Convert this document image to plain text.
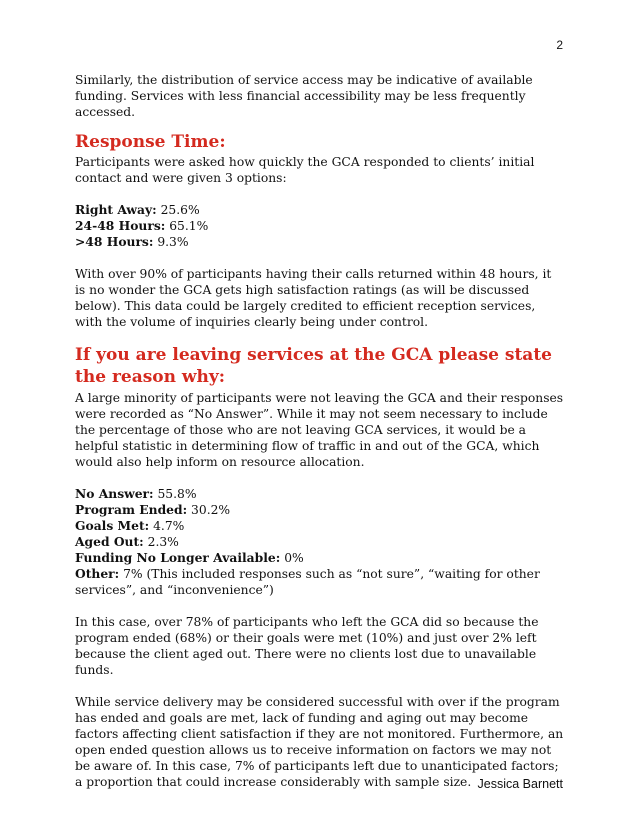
2

Similarly, the distribution of service access may be indicative of available funding. Services with less financial accessibility may be less frequently accessed.

Response Time:

Participants were asked how quickly the GCA responded to clients’ initial contact and were given 3 options:

Right Away: 25.6%

24-48 Hours: 65.1%

>48 Hours: 9.3%

With over 90% of participants having their calls returned within 48 hours, it is no wonder the GCA gets high satisfaction ratings (as will be discussed below). This data could be largely credited to efficient reception services, with the volume of inquiries clearly being under control.

If you are leaving services at the GCA please state the reason why:

A large minority of participants were not leaving the GCA and their responses were recorded as “No Answer”. While it may not seem necessary to include the percentage of those who are not leaving GCA services, it would be a helpful statistic in determining flow of traffic in and out of the GCA, which would also help inform on resource allocation.

No Answer: 55.8%

Program Ended: 30.2%

Goals Met: 4.7%

Aged Out: 2.3%

Funding No Longer Available: 0%

Other: 7% (This included responses such as “not sure”, “waiting for other services”, and “inconvenience”)

In this case, over 78% of participants who left the GCA did so because the program ended (68%) or their goals were met (10%) and just over 2% left because the client aged out. There were no clients lost due to unavailable funds.

While service delivery may be considered successful with over if the program has ended and goals are met, lack of funding and aging out may become factors affecting client satisfaction if they are not monitored. Furthermore, an open ended question allows us to receive information on factors we may not be aware of. In this case, 7% of participants left due to unanticipated factors; a proportion that could increase considerably with sample size. Jessica Barnett
